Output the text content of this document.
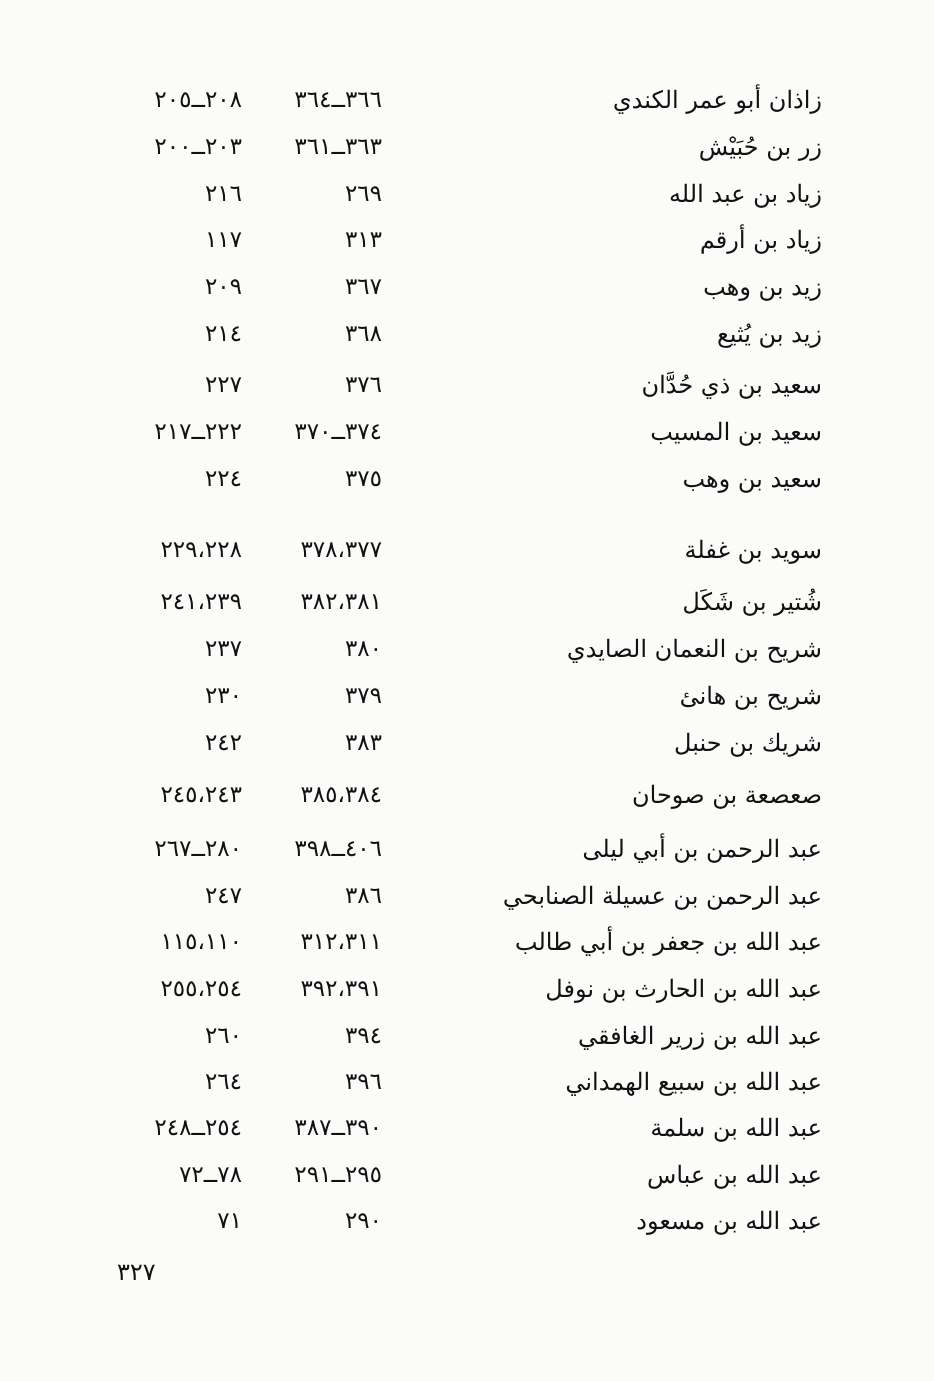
زاذان أبو عمر الكندي
٣٦٦ــ٣٦٤
٢٠٨ــ٢٠٥
زر بن حُبَيْش
٣٦٣ــ٣٦١
٢٠٣ــ٢٠٠
زياد بن عبد الله
٢٦٩
٢١٦
زياد بن أرقم
٣١٣
١١٧
زيد بن وهب
٣٦٧
٢٠٩
زيد بن يُثيع
٣٦٨
٢١٤
سعيد بن ذي حُدَّان
٣٧٦
٢٢٧
سعيد بن المسيب
٣٧٤ــ٣٧٠
٢٢٢ــ٢١٧
سعيد بن وهب
٣٧٥
٢٢٤
سويد بن غفلة
٣٧٨،٣٧٧
٢٢٩،٢٢٨
شُتير بن شَكَل
٣٨٢،٣٨١
٢٤١،٢٣٩
شريح بن النعمان الصايدي
٣٨٠
٢٣٧
شريح بن هانئ
٣٧٩
٢٣٠
شريك بن حنبل
٣٨٣
٢٤٢
صعصعة بن صوحان
٣٨٥،٣٨٤
٢٤٥،٢٤٣
عبد الرحمن بن أبي ليلى
٤٠٦ــ٣٩٨
٢٨٠ــ٢٦٧
عبد الرحمن بن عسيلة الصنابحي
٣٨٦
٢٤٧
عبد الله بن جعفر بن أبي طالب
٣١٢،٣١١
١١٥،١١٠
عبد الله بن الحارث بن نوفل
٣٩٢،٣٩١
٢٥٥،٢٥٤
عبد الله بن زرير الغافقي
٣٩٤
٢٦٠
عبد الله بن سبيع الهمداني
٣٩٦
٢٦٤
عبد الله بن سلمة
٣٩٠ــ٣٨٧
٢٥٤ــ٢٤٨
عبد الله بن عباس
٢٩٥ــ٢٩١
٧٨ــ٧٢
عبد الله بن مسعود
٢٩٠
٧١
٣٢٧
